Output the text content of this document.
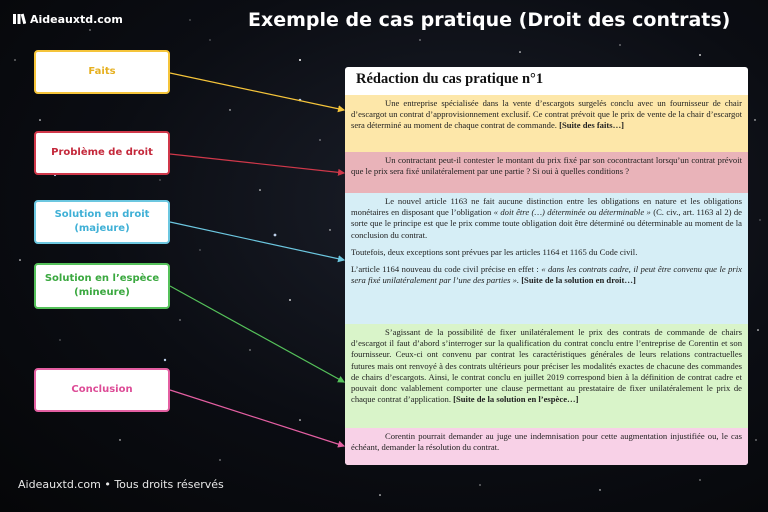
Aideauxtd.com	Exemple de cas pratique (Droit des contrats)
Faits
Problème de droit
Solution en droit (majeure)
Solution en l’espèce (mineure)
Conclusion
Rédaction du cas pratique n°1

Une entreprise spécialisée dans la vente d’escargots surgelés conclu avec un fournisseur de chair d’escargot un contrat d’approvisionnement exclusif. Ce contrat prévoit que le prix de vente de la chair d’escargot sera déterminé au moment de chaque contrat de commande. [Suite des faits…]

Un contractant peut-il contester le montant du prix fixé par son cocontractant lorsqu’un contrat prévoit que le prix sera fixé unilatéralement par une partie ? Si oui à quelles conditions ?

Le nouvel article 1163 ne fait aucune distinction entre les obligations en nature et les obligations monétaires en disposant que l’obligation « doit être (…) déterminée ou déterminable » (C. civ., art. 1163 al 2) de sorte que le principe est que le prix comme toute obligation doit être déterminé ou déterminable au moment de la conclusion du contrat.

Toutefois, deux exceptions sont prévues par les articles 1164 et 1165 du Code civil.

L’article 1164 nouveau du code civil précise en effet : « dans les contrats cadre, il peut être convenu que le prix sera fixé unilatéralement par l’une des parties ». [Suite de la solution en droit…]

S’agissant de la possibilité de fixer unilatéralement le prix des contrats de commande de chairs d’escargot il faut d’abord s’interroger sur la qualification du contrat conclu entre l’entreprise de Corentin et son fournisseur. Ceux-ci ont convenu par contrat les caractéristiques générales de leurs relations contractuelles futures mais ont renvoyé à des contrats ultérieurs pour préciser les modalités exactes de chacune des commandes de chairs d’escargots. Ainsi, le contrat conclu en juillet 2019 correspond bien à la définition de contrat cadre et pouvait donc valablement comporter une clause permettant au prestataire de fixer unilatéralement le prix de chaque contrat d’application. [Suite de la solution en l’espèce…]

Corentin pourrait demander au juge une indemnisation pour cette augmentation injustifiée ou, le cas échéant, demander la résolution du contrat.

Aideauxtd.com • Tous droits réservés
